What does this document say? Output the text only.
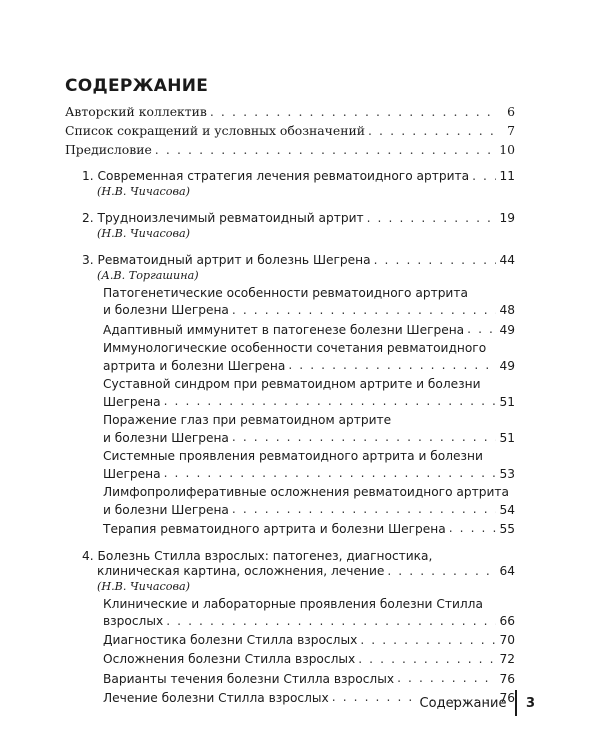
СОДЕРЖАНИЕ
Авторский коллектив . . .	6
Список сокращений и условных обозначений . . .	7
Предисловие . . .	10
1. Современная стратегия лечения ревматоидного артрита . . . 11
(Н.В. Чичасова)
2. Трудноизлечимый ревматоидный артрит . . .	19
(Н.В. Чичасова)
3. Ревматоидный артрит и болезнь Шегрена . . .	44
(А.В. Торгашина)
Патогенетические особенности ревматоидного артрита
и болезни Шегрена . . .	48
Адаптивный иммунитет в патогенезе болезни Шегрена . . .	49
Иммунологические особенности сочетания ревматоидного
артрита и болезни Шегрена . . .	49
Суставной синдром при ревматоидном артрите и болезни
Шегрена . . .	51
Поражение глаз при ревматоидном артрите
и болезни Шегрена . . .	51
Системные проявления ревматоидного артрита и болезни
Шегрена . . .	53
Лимфопролиферативные осложнения ревматоидного артрита
и болезни Шегрена . . .	54
Терапия ревматоидного артрита и болезни Шегрена . . .	55
4. Болезнь Стилла взрослых: патогенез, диагностика,
клиническая картина, осложнения, лечение . . .	64
(Н.В. Чичасова)
Клинические и лабораторные проявления болезни Стилла
взрослых . . .	66
Диагностика болезни Стилла взрослых . . .	70
Осложнения болезни Стилла взрослых . . .	72
Варианты течения болезни Стилла взрослых . . .	76
Лечение болезни Стилла взрослых . . .	76
Содержание 3
